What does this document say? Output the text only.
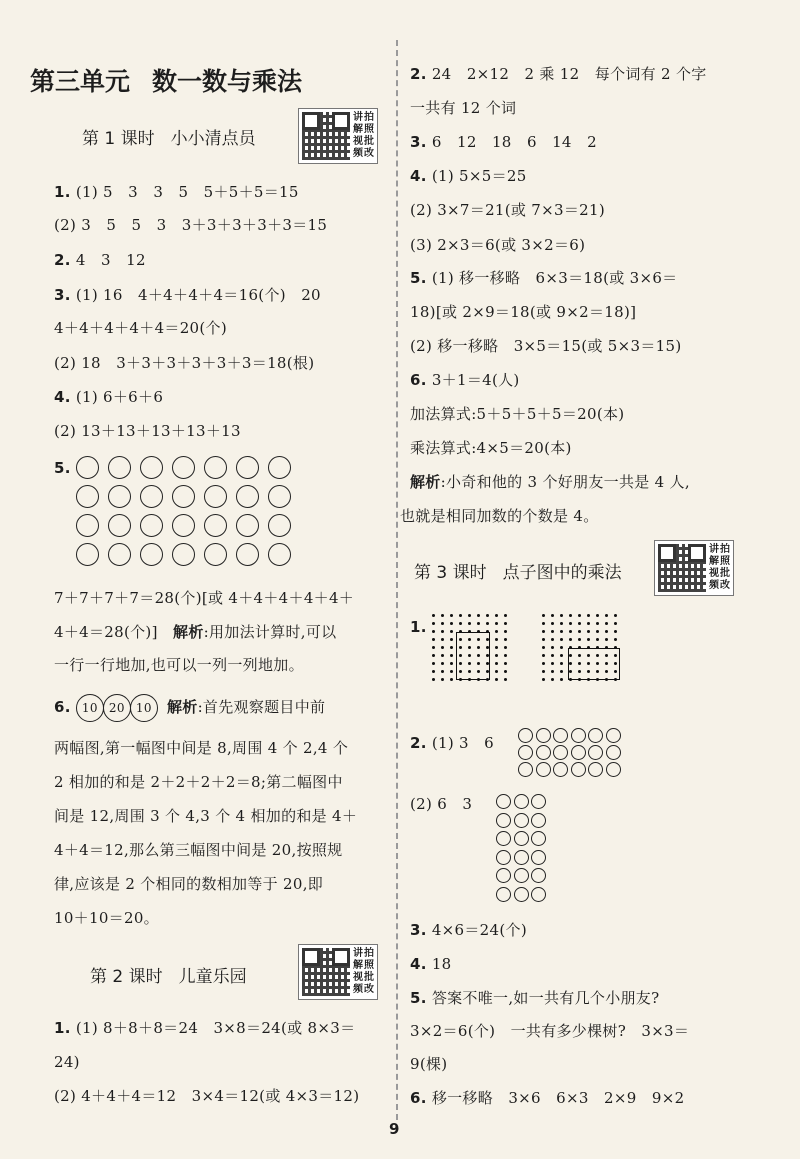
第三单元 数一数与乘法
第 1 课时 小小清点员
讲拍
解照
视批
频改
1. (1) 5　3　3　5　5＋5＋5＝15
(2) 3　5　5　3　3＋3＋3＋3＋3＝15
2. 4　3　12
3. (1) 16　4＋4＋4＋4＝16(个)　20
4＋4＋4＋4＋4＝20(个)
(2) 18　3＋3＋3＋3＋3＋3＝18(根)
4. (1) 6＋6＋6
(2) 13＋13＋13＋13＋13
5.
7＋7＋7＋7＝28(个)[或 4＋4＋4＋4＋4＋
4＋4＝28(个)]　解析:用加法计算时,可以
一行一行地加,也可以一列一列地加。
6. 10 20 10 解析:首先观察题目中前
两幅图,第一幅图中间是 8,周围 4 个 2,4 个
2 相加的和是 2＋2＋2＋2＝8;第二幅图中
间是 12,周围 3 个 4,3 个 4 相加的和是 4＋
4＋4＝12,那么第三幅图中间是 20,按照规
律,应该是 2 个相同的数相加等于 20,即
10＋10＝20。
第 2 课时 儿童乐园
讲拍
解照
视批
频改
1. (1) 8＋8＋8＝24　3×8＝24(或 8×3＝
24)
(2) 4＋4＋4＝12　3×4＝12(或 4×3＝12)
2. 24　2×12　2 乘 12　每个词有 2 个字
一共有 12 个词
3. 6　12　18　6　14　2
4. (1) 5×5＝25
(2) 3×7＝21(或 7×3＝21)
(3) 2×3＝6(或 3×2＝6)
5. (1) 移一移略　6×3＝18(或 3×6＝
18)[或 2×9＝18(或 9×2＝18)]
(2) 移一移略　3×5＝15(或 5×3＝15)
6. 3＋1＝4(人)
加法算式:5＋5＋5＋5＝20(本)
乘法算式:4×5＝20(本)
解析:小奇和他的 3 个好朋友一共是 4 人,
也就是相同加数的个数是 4。
第 3 课时 点子图中的乘法
讲拍
解照
视批
频改
1.
2. (1) 3　6
(2) 6　3
3. 4×6＝24(个)
4. 18
5. 答案不唯一,如一共有几个小朋友?
3×2＝6(个)　一共有多少棵树?　3×3＝
9(棵)
6. 移一移略　3×6　6×3　2×9　9×2
9
